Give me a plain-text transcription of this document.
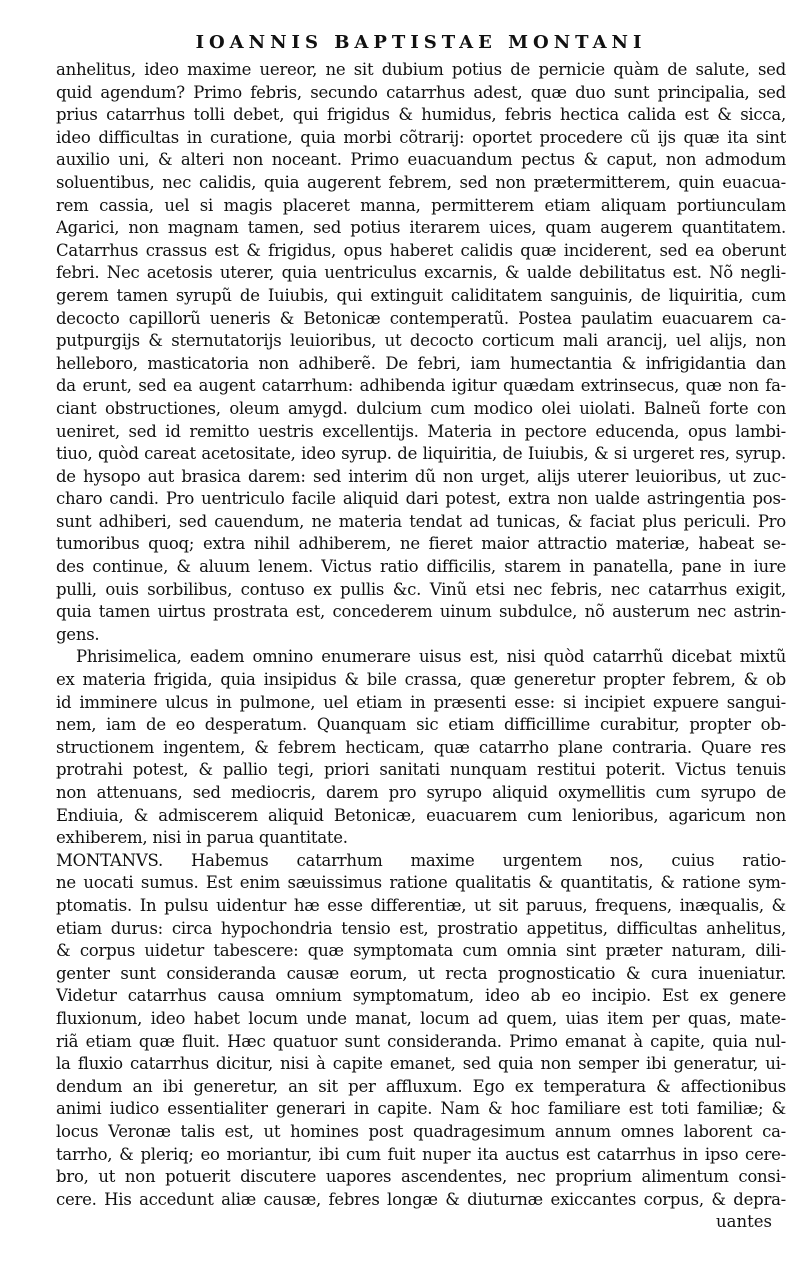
IOANNIS BAPTISTAE MONTANI
anhelitus, ideo maxime uereor, ne sit dubium potius de pernicie quàm de salute, sed
quid agendum? Primo febris, secundo catarrhus adest, quæ duo sunt principalia, sed
prius catarrhus tolli debet, qui frigidus & humidus, febris hectica calida est & sicca,
ideo difficultas in curatione, quia morbi cõtrarij: oportet procedere cũ ijs quæ ita sint
auxilio uni, & alteri non noceant. Primo euacuandum pectus & caput, non admodum
soluentibus, nec calidis, quia augerent febrem, sed non prætermitterem, quin euacua-
rem cassia, uel si magis placeret manna, permitterem etiam aliquam portiunculam
Agarici, non magnam tamen, sed potius iterarem uices, quam augerem quantitatem.
Catarrhus crassus est & frigidus, opus haberet calidis quæ inciderent, sed ea oberunt
febri. Nec acetosis uterer, quia uentriculus excarnis, & ualde debilitatus est. Nõ negli-
gerem tamen syrupũ de Iuiubis, qui extinguit caliditatem sanguinis, de liquiritia, cum
decocto capillorũ ueneris & Betonicæ contemperatũ. Postea paulatim euacuarem ca-
putpurgijs & sternutatorijs leuioribus, ut decocto corticum mali arancij, uel alijs, non
helleboro, masticatoria non adhiberẽ. De febri, iam humectantia & infrigidantia dan
da erunt, sed ea augent catarrhum: adhibenda igitur quædam extrinsecus, quæ non fa-
ciant obstructiones, oleum amygd. dulcium cum modico olei uiolati. Balneũ forte con
ueniret, sed id remitto uestris excellentijs. Materia in pectore educenda, opus lambi-
tiuo, quòd careat acetositate, ideo syrup. de liquiritia, de Iuiubis, & si urgeret res, syrup.
de hysopo aut brasica darem: sed interim dũ non urget, alijs uterer leuioribus, ut zuc-
charo candi. Pro uentriculo facile aliquid dari potest, extra non ualde astringentia pos-
sunt adhiberi, sed cauendum, ne materia tendat ad tunicas, & faciat plus periculi. Pro
tumoribus quoq; extra nihil adhiberem, ne fieret maior attractio materiæ, habeat se-
des continue, & aluum lenem. Victus ratio difficilis, starem in panatella, pane in iure
pulli, ouis sorbilibus, contuso ex pullis &c. Vinũ etsi nec febris, nec catarrhus exigit,
quia tamen uirtus prostrata est, concederem uinum subdulce, nõ austerum nec astrin-
gens.
Phrisimelica, eadem omnino enumerare uisus est, nisi quòd catarrhũ dicebat mixtũ
ex materia frigida, quia insipidus & bile crassa, quæ generetur propter febrem, & ob
id imminere ulcus in pulmone, uel etiam in præsenti esse: si incipiet expuere sangui-
nem, iam de eo desperatum. Quanquam sic etiam difficillime curabitur, propter ob-
structionem ingentem, & febrem hecticam, quæ catarrho plane contraria. Quare res
protrahi potest, & pallio tegi, priori sanitati nunquam restitui poterit. Victus tenuis
non attenuans, sed mediocris, darem pro syrupo aliquid oxymellitis cum syrupo de
Endiuia, & admiscerem aliquid Betonicæ, euacuarem cum lenioribus, agaricum non
exhiberem, nisi in parua quantitate.
MONTANVS. Habemus catarrhum maxime urgentem nos, cuius ratio-
ne uocati sumus. Est enim sæuissimus ratione qualitatis & quantitatis, & ratione sym-
ptomatis. In pulsu uidentur hæ esse differentiæ, ut sit paruus, frequens, inæqualis, &
etiam durus: circa hypochondria tensio est, prostratio appetitus, difficultas anhelitus,
& corpus uidetur tabescere: quæ symptomata cum omnia sint præter naturam, dili-
genter sunt consideranda causæ eorum, ut recta prognosticatio & cura inueniatur.
Videtur catarrhus causa omnium symptomatum, ideo ab eo incipio. Est ex genere
fluxionum, ideo habet locum unde manat, locum ad quem, uias item per quas, mate-
riã etiam quæ fluit. Hæc quatuor sunt consideranda. Primo emanat à capite, quia nul-
la fluxio catarrhus dicitur, nisi à capite emanet, sed quia non semper ibi generatur, ui-
dendum an ibi generetur, an sit per affluxum. Ego ex temperatura & affectionibus
animi iudico essentialiter generari in capite. Nam & hoc familiare est toti familiæ; &
locus Veronæ talis est, ut homines post quadragesimum annum omnes laborent ca-
tarrho, & pleriq; eo moriantur, ibi cum fuit nuper ita auctus est catarrhus in ipso cere-
bro, ut non potuerit discutere uapores ascendentes, nec proprium alimentum consi-
cere. His accedunt aliæ causæ, febres longæ & diuturnæ exiccantes corpus, & depra-
uantes
